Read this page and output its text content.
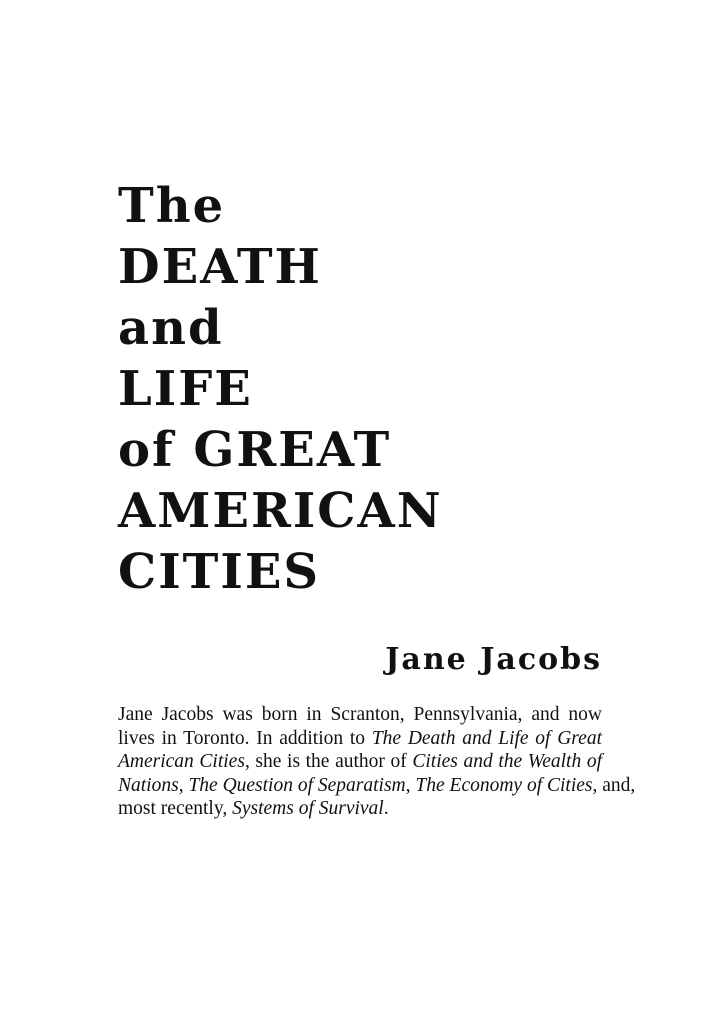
The
DEATH
and
LIFE
of GREAT
AMERICAN
CITIES
Jane Jacobs
Jane Jacobs was born in Scranton, Pennsylvania, and now
lives in Toronto. In addition to The Death and Life of Great
American Cities, she is the author of Cities and the Wealth of
Nations, The Question of Separatism, The Economy of Cities, and,
most recently, Systems of Survival.
